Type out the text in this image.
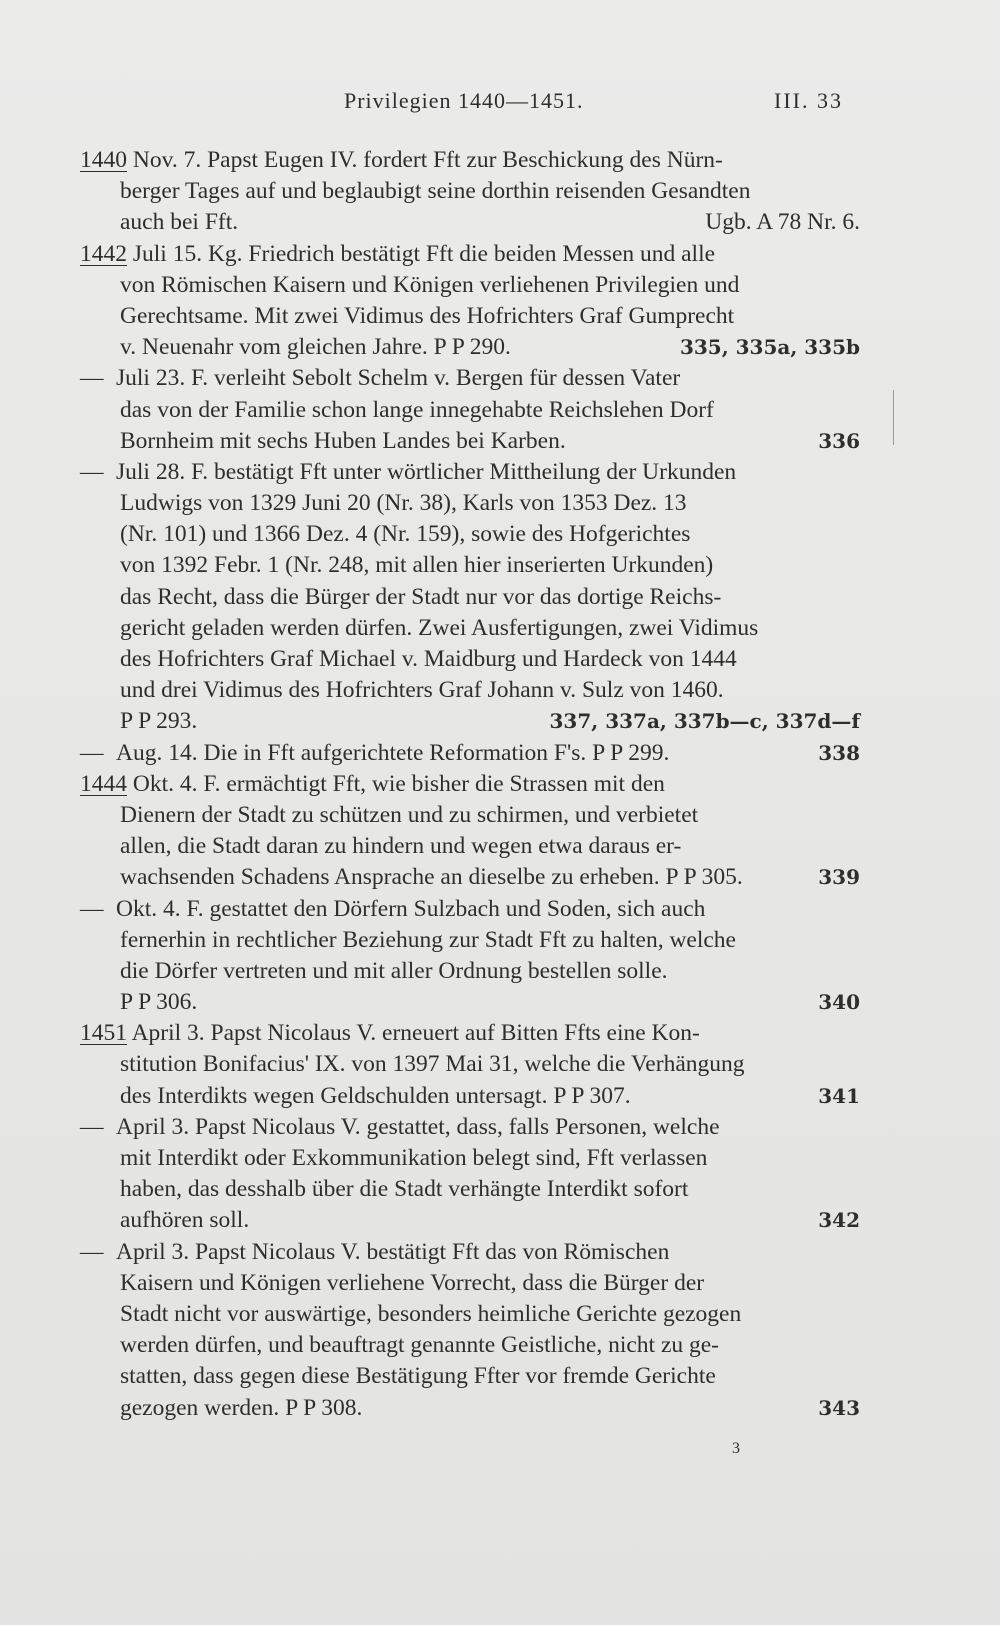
Privilegien 1440—1451.	III. 33
1440 Nov. 7. Papst Eugen IV. fordert Fft zur Beschickung des Nürn-
berger Tages auf und beglaubigt seine dorthin reisenden Gesandten
auch bei Fft.	Ugb. A 78 Nr. 6.
1442 Juli 15. Kg. Friedrich bestätigt Fft die beiden Messen und alle
von Römischen Kaisern und Königen verliehenen Privilegien und
Gerechtsame. Mit zwei Vidimus des Hofrichters Graf Gumprecht
v. Neuenahr vom gleichen Jahre. P P 290.	335, 335a, 335b
— Juli 23. F. verleiht Sebolt Schelm v. Bergen für dessen Vater
das von der Familie schon lange innegehabte Reichslehen Dorf
Bornheim mit sechs Huben Landes bei Karben.	336
— Juli 28. F. bestätigt Fft unter wörtlicher Mittheilung der Urkunden
Ludwigs von 1329 Juni 20 (Nr. 38), Karls von 1353 Dez. 13
(Nr. 101) und 1366 Dez. 4 (Nr. 159), sowie des Hofgerichtes
von 1392 Febr. 1 (Nr. 248, mit allen hier inserierten Urkunden)
das Recht, dass die Bürger der Stadt nur vor das dortige Reichs-
gericht geladen werden dürfen. Zwei Ausfertigungen, zwei Vidimus
des Hofrichters Graf Michael v. Maidburg und Hardeck von 1444
und drei Vidimus des Hofrichters Graf Johann v. Sulz von 1460.
P P 293.	337, 337a, 337b—c, 337d—f
— Aug. 14. Die in Fft aufgerichtete Reformation F's. P P 299.	338
1444 Okt. 4. F. ermächtigt Fft, wie bisher die Strassen mit den
Dienern der Stadt zu schützen und zu schirmen, und verbietet
allen, die Stadt daran zu hindern und wegen etwa daraus er-
wachsenden Schadens Ansprache an dieselbe zu erheben. P P 305.	339
— Okt. 4. F. gestattet den Dörfern Sulzbach und Soden, sich auch
fernerhin in rechtlicher Beziehung zur Stadt Fft zu halten, welche
die Dörfer vertreten und mit aller Ordnung bestellen solle.
P P 306.	340
1451 April 3. Papst Nicolaus V. erneuert auf Bitten Ffts eine Kon-
stitution Bonifacius' IX. von 1397 Mai 31, welche die Verhängung
des Interdikts wegen Geldschulden untersagt. P P 307.	341
— April 3. Papst Nicolaus V. gestattet, dass, falls Personen, welche
mit Interdikt oder Exkommunikation belegt sind, Fft verlassen
haben, das desshalb über die Stadt verhängte Interdikt sofort
aufhören soll.	342
— April 3. Papst Nicolaus V. bestätigt Fft das von Römischen
Kaisern und Königen verliehene Vorrecht, dass die Bürger der
Stadt nicht vor auswärtige, besonders heimliche Gerichte gezogen
werden dürfen, und beauftragt genannte Geistliche, nicht zu ge-
statten, dass gegen diese Bestätigung Ffter vor fremde Gerichte
gezogen werden. P P 308.	343
3
